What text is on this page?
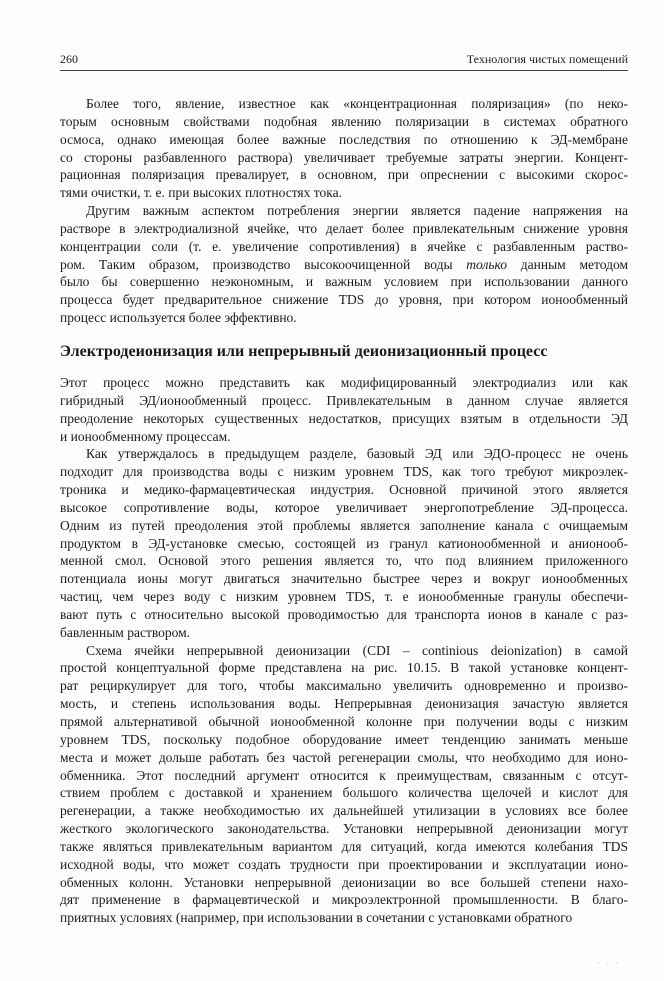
260	Технология чистых помещений
Более того, явление, известное как «концентрационная поляризация» (по неко-
торым основным свойствами подобная явлению поляризации в системах обратного
осмоса, однако имеющая более важные последствия по отношению к ЭД-мембране
со стороны разбавленного раствора) увеличивает требуемые затраты энергии. Концент-
рационная поляризация превалирует, в основном, при опреснении с высокими скорос-
тями очистки, т. е. при высоких плотностях тока.
Другим важным аспектом потребления энергии является падение напряжения на
растворе в электродиализной ячейке, что делает более привлекательным снижение уровня
концентрации соли (т. е. увеличение сопротивления) в ячейке с разбавленным раство-
ром. Таким образом, производство высокоочищенной воды только данным методом
было бы совершенно неэкономным, и важным условием при использовании данного
процесса будет предварительное снижение TDS до уровня, при котором ионообменный
процесс используется более эффективно.
Электродеионизация или непрерывный деионизационный процесс
Этот процесс можно представить как модифицированный электродиализ или как
гибридный ЭД/ионообменный процесс. Привлекательным в данном случае является
преодоление некоторых существенных недостатков, присущих взятым в отдельности ЭД
и ионообменному процессам.
Как утверждалось в предыдущем разделе, базовый ЭД или ЭДО-процесс не очень
подходит для производства воды с низким уровнем TDS, как того требуют микроэлек-
троника и медико-фармацевтическая индустрия. Основной причиной этого является
высокое сопротивление воды, которое увеличивает энергопотребление ЭД-процесса.
Одним из путей преодоления этой проблемы является заполнение канала с очищаемым
продуктом в ЭД-установке смесью, состоящей из гранул катионообменной и анионооб-
менной смол. Основой этого решения является то, что под влиянием приложенного
потенциала ионы могут двигаться значительно быстрее через и вокруг ионообменных
частиц, чем через воду с низким уровнем TDS, т. е ионообменные гранулы обеспечи-
вают путь с относительно высокой проводимостью для транспорта ионов в канале с раз-
бавленным раствором.
Схема ячейки непрерывной деионизации (CDI – continious deionization) в самой
простой концептуальной форме представлена на рис. 10.15. В такой установке концент-
рат рециркулирует для того, чтобы максимально увеличить одновременно и произво-
мость, и степень использования воды. Непрерывная деионизация зачастую является
прямой альтернативой обычной ионообменной колонне при получении воды с низким
уровнем TDS, поскольку подобное оборудование имеет тенденцию занимать меньше
места и может дольше работать без частой регенерации смолы, что необходимо для ионо-
обменника. Этот последний аргумент относится к преимуществам, связанным с отсут-
ствием проблем с доставкой и хранением большого количества щелочей и кислот для
регенерации, а также необходимостью их дальнейшей утилизации в условиях все более
жесткого экологического законодательства. Установки непрерывной деионизации могут
также являться привлекательным вариантом для ситуаций, когда имеются колебания TDS
исходной воды, что может создать трудности при проектировании и эксплуатации ионо-
обменных колонн. Установки непрерывной деионизации во все большей степени нахо-
дят применение в фармацевтической и микроэлектронной промышленности. В благо-
приятных условиях (например, при использовании в сочетании с установками обратного
· · ·
